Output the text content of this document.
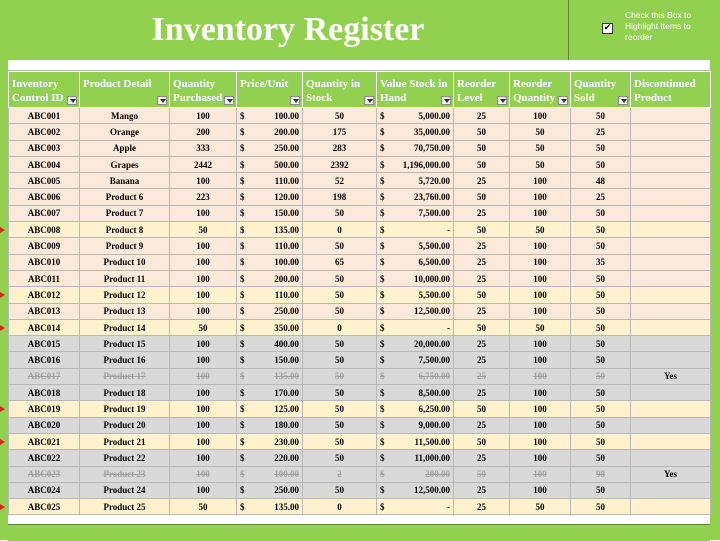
Inventory Register	✔
Check this Box to Highlight Items to reorder
Inventory Control ID	Product Detail	Quantity Purchased	Price/Unit	Quantity in Stock	Value Stock in Hand	Reorder Level	Reorder Quantity	Quantity Sold	Discontinued Product
ABC001	Mango	100	$ 100.00	50	$ 5,000.00	25	100	50	
ABC002	Orange	200	$ 200.00	175	$ 35,000.00	50	50	25	
ABC003	Apple	333	$ 250.00	283	$ 70,750.00	50	50	50	
ABC004	Grapes	2442	$ 500.00	2392	$ 1,196,000.00	50	50	50	
ABC005	Banana	100	$ 110.00	52	$ 5,720.00	25	100	48	
ABC006	Product 6	223	$ 120.00	198	$ 23,760.00	50	100	25	
ABC007	Product 7	100	$ 150.00	50	$ 7,500.00	25	100	50	
ABC008	Product 8	50	$ 135.00	0	$ -	50	50	50	
ABC009	Product 9	100	$ 110.00	50	$ 5,500.00	25	100	50	
ABC010	Product 10	100	$ 100.00	65	$ 6,500.00	25	100	35	
ABC011	Product 11	100	$ 200.00	50	$ 10,000.00	25	100	50	
ABC012	Product 12	100	$ 110.00	50	$ 5,500.00	50	100	50	
ABC013	Product 13	100	$ 250.00	50	$ 12,500.00	25	100	50	
ABC014	Product 14	50	$ 350.00	0	$ -	50	50	50	
ABC015	Product 15	100	$ 400.00	50	$ 20,000.00	25	100	50	
ABC016	Product 16	100	$ 150.00	50	$ 7,500.00	25	100	50	
ABC017	Product 17	100	$ 135.00	50	$ 6,750.00	25	100	50	Yes
ABC018	Product 18	100	$ 170.00	50	$ 8,500.00	25	100	50	
ABC019	Product 19	100	$ 125.00	50	$ 6,250.00	50	100	50	
ABC020	Product 20	100	$ 180.00	50	$ 9,000.00	25	100	50	
ABC021	Product 21	100	$ 230.00	50	$ 11,500.00	50	100	50	
ABC022	Product 22	100	$ 220.00	50	$ 11,000.00	25	100	50	
ABC023	Product 23	100	$ 100.00	2	$ 200.00	50	100	98	Yes
ABC024	Product 24	100	$ 250.00	50	$ 12,500.00	25	100	50	
ABC025	Product 25	50	$ 135.00	0	$ -	25	50	50	
